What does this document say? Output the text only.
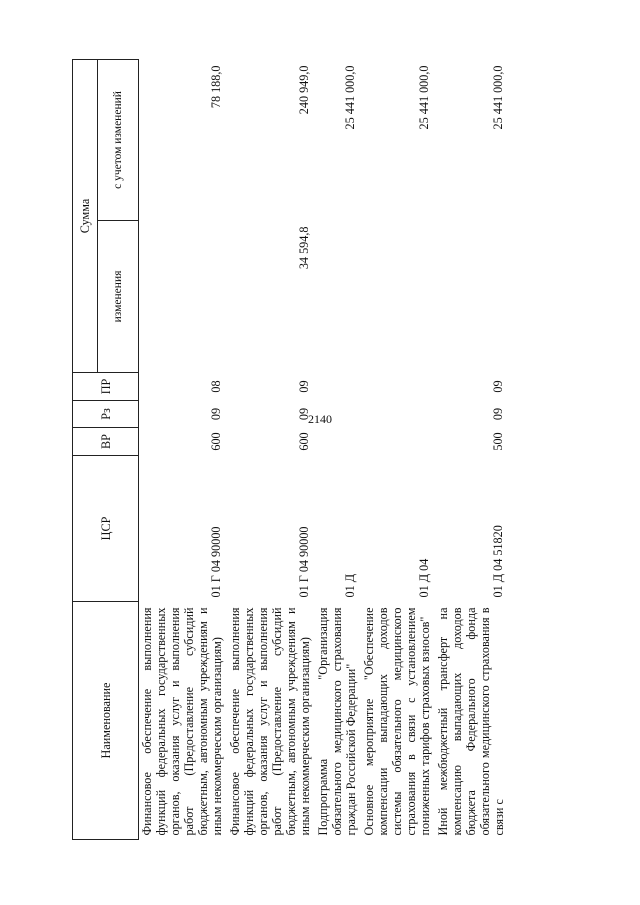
2140
Наименование	ЦСР	ВР	Рз	ПР	Сумма	
					изменения	с учетом изменений
Финансовое обеспечение выполнения функций федеральных государственных органов, оказания услуг и выполнения работ (Предоставление субсидий бюджетным, автономным учреждениям и иным некоммерческим организациям)	01 Г 04 90000	600	09	08		78 188,0
Финансовое обеспечение выполнения функций федеральных государственных органов, оказания услуг и выполнения работ (Предоставление субсидий бюджетным, автономным учреждениям и иным некоммерческим организациям)	01 Г 04 90000	600	09	09	34 594,8	240 949,0
Подпрограмма "Организация обязательного медицинского страхования граждан Российской Федерации"	01 Д					25 441 000,0
Основное мероприятие "Обеспечение компенсации выпадающих доходов системы обязательного медицинского страхования в связи с установлением пониженных тарифов страховых взносов"	01 Д 04					25 441 000,0
Иной межбюджетный трансферт на компенсацию выпадающих доходов бюджета Федерального фонда обязательного медицинского страхования в связи с	01 Д 04 51820	500	09	09		25 441 000,0
